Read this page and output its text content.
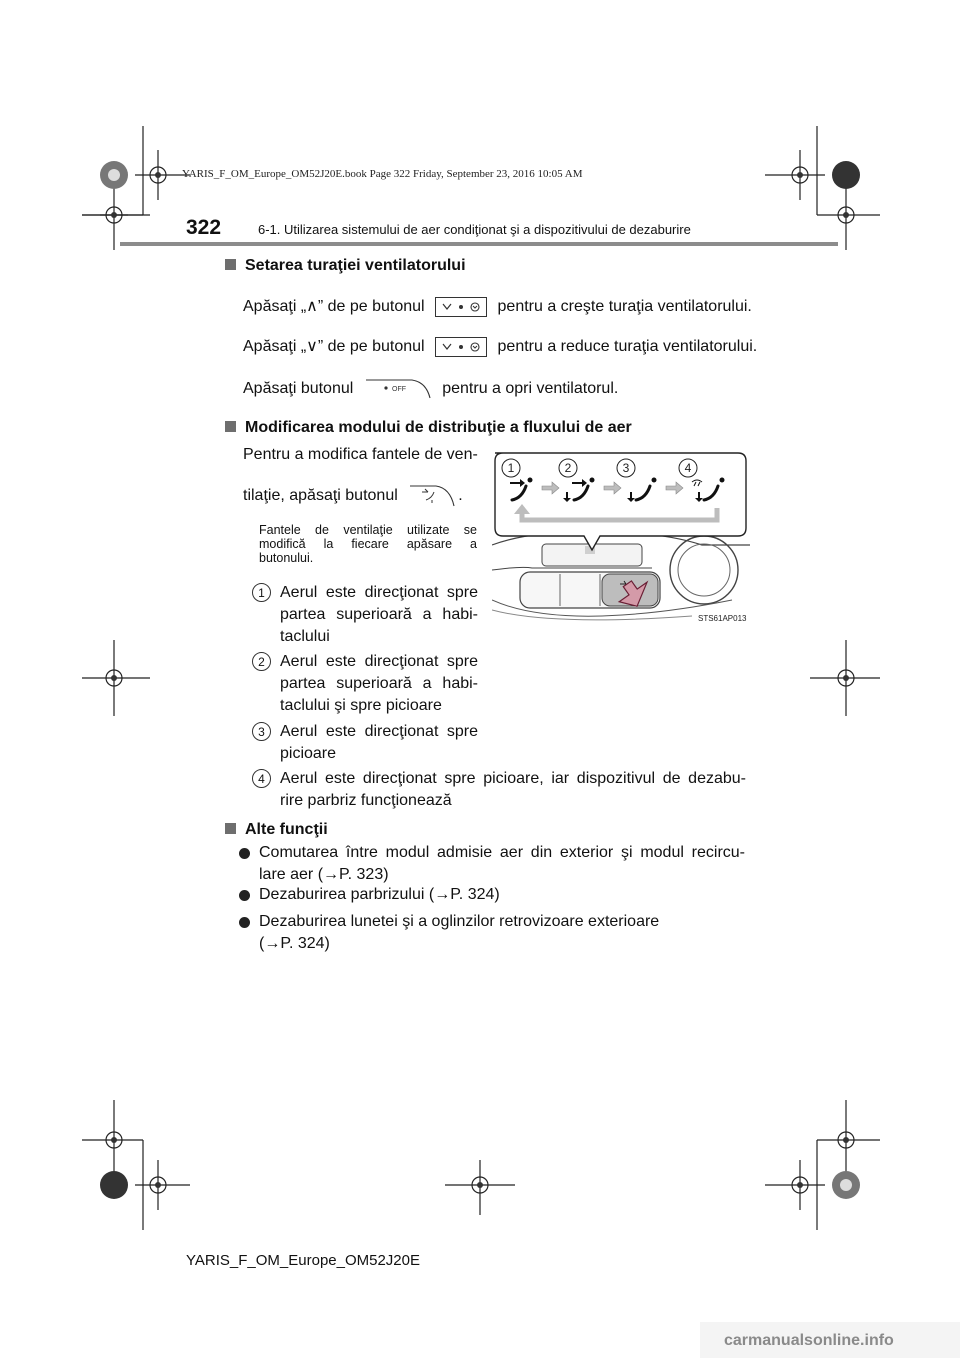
YARIS_F_OM_Europe_OM52J20E.book Page 322 Friday, September 23, 2016 10:05 AM
322	6-1. Utilizarea sistemului de aer condiţionat şi a dispozitivului de dezaburire
Setarea turaţiei ventilatorului
Apăsaţi „∧” de pe butonul	pentru a creşte turaţia ventilatorului.
Apăsaţi „∨” de pe butonul	pentru a reduce turaţia ventilatorului.
Apăsaţi butonul	OFF pentru a opri ventilatorul.
Modificarea modului de distribuţie a fluxului de aer
Pentru a modifica fantele de ven-
tilaţie, apăsaţi butonul	.
Fantele de ventilaţie utilizate se
modifică la fiecare apăsare a
butonului.
1 Aerul este direcţionat spre
partea superioară a habi-
taclului
2 Aerul este direcţionat spre
partea superioară a habi-
taclului şi spre picioare
3 Aerul este direcţionat spre
picioare
4 Aerul este direcţionat spre picioare, iar dispozitivul de dezabu-
rire parbriz funcţionează
1	2	3	4
STS61AP013
Alte funcţii
Comutarea între modul admisie aer din exterior şi modul recircu-
lare aer (→P. 323)
Dezaburirea parbrizului (→P. 324)
Dezaburirea lunetei şi a oglinzilor retrovizoare exterioare
(→P. 324)
YARIS_F_OM_Europe_OM52J20E
carmanualsonline.info
